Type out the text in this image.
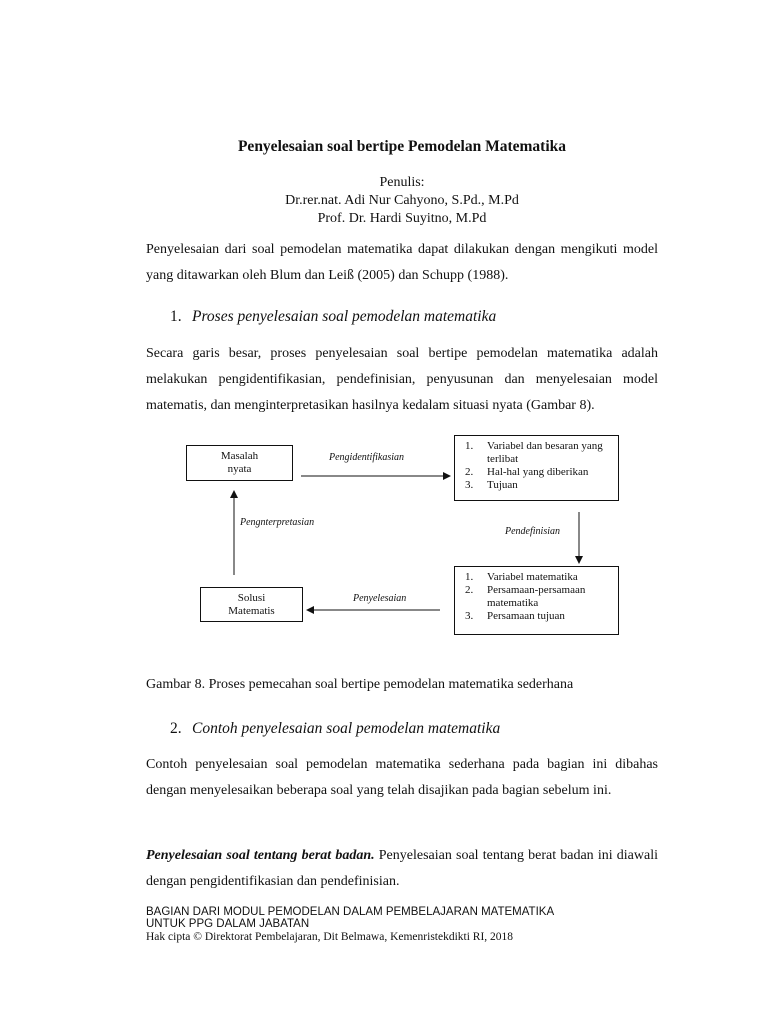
Penyelesaian soal bertipe Pemodelan Matematika
Penulis:
Dr.rer.nat. Adi Nur Cahyono, S.Pd., M.Pd
Prof. Dr. Hardi Suyitno, M.Pd
Penyelesaian dari soal pemodelan matematika dapat dilakukan dengan mengikuti model yang ditawarkan oleh Blum dan Leiß (2005) dan Schupp (1988).
1. Proses penyelesaian soal pemodelan matematika
Secara garis besar, proses penyelesaian soal bertipe pemodelan matematika adalah melakukan pengidentifikasian, pendefinisian, penyusunan dan menyelesaian model matematis, dan menginterpretasikan hasilnya kedalam situasi nyata (Gambar 8).
Masalah
nyata
1.	Variabel dan besaran yang terlibat
2.	Hal-hal yang diberikan
3.	Tujuan
1.	Variabel matematika
2.	Persamaan-persamaan matematika
3.	Persamaan tujuan
Solusi
Matematis
Pengidentifikasian
Pendefinisian
Penyelesaian
Pengnterpretasian
Gambar 8. Proses pemecahan soal bertipe pemodelan matematika sederhana
2. Contoh penyelesaian soal pemodelan matematika
Contoh penyelesaian soal pemodelan matematika sederhana pada bagian ini dibahas dengan menyelesaikan beberapa soal yang telah disajikan pada bagian sebelum ini.
Penyelesaian soal tentang berat badan. Penyelesaian soal tentang berat badan ini diawali dengan pengidentifikasian dan pendefinisian.
BAGIAN DARI MODUL PEMODELAN DALAM PEMBELAJARAN MATEMATIKA
UNTUK PPG DALAM JABATAN
Hak cipta © Direktorat Pembelajaran, Dit Belmawa, Kemenristekdikti RI, 2018
